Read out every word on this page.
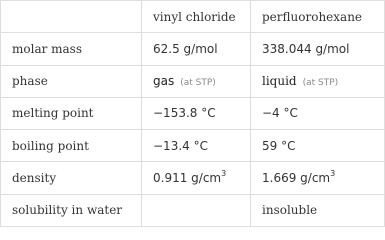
	vinyl chloride	perfluorohexane
molar mass	62.5 g/mol	338.044 g/mol
phase	gas (at STP)	liquid (at STP)
melting point	−153.8 °C	−4 °C
boiling point	−13.4 °C	59 °C
density	0.911 $g/cm^3$	1.669 $g/cm^3$
solubility in water		insoluble
